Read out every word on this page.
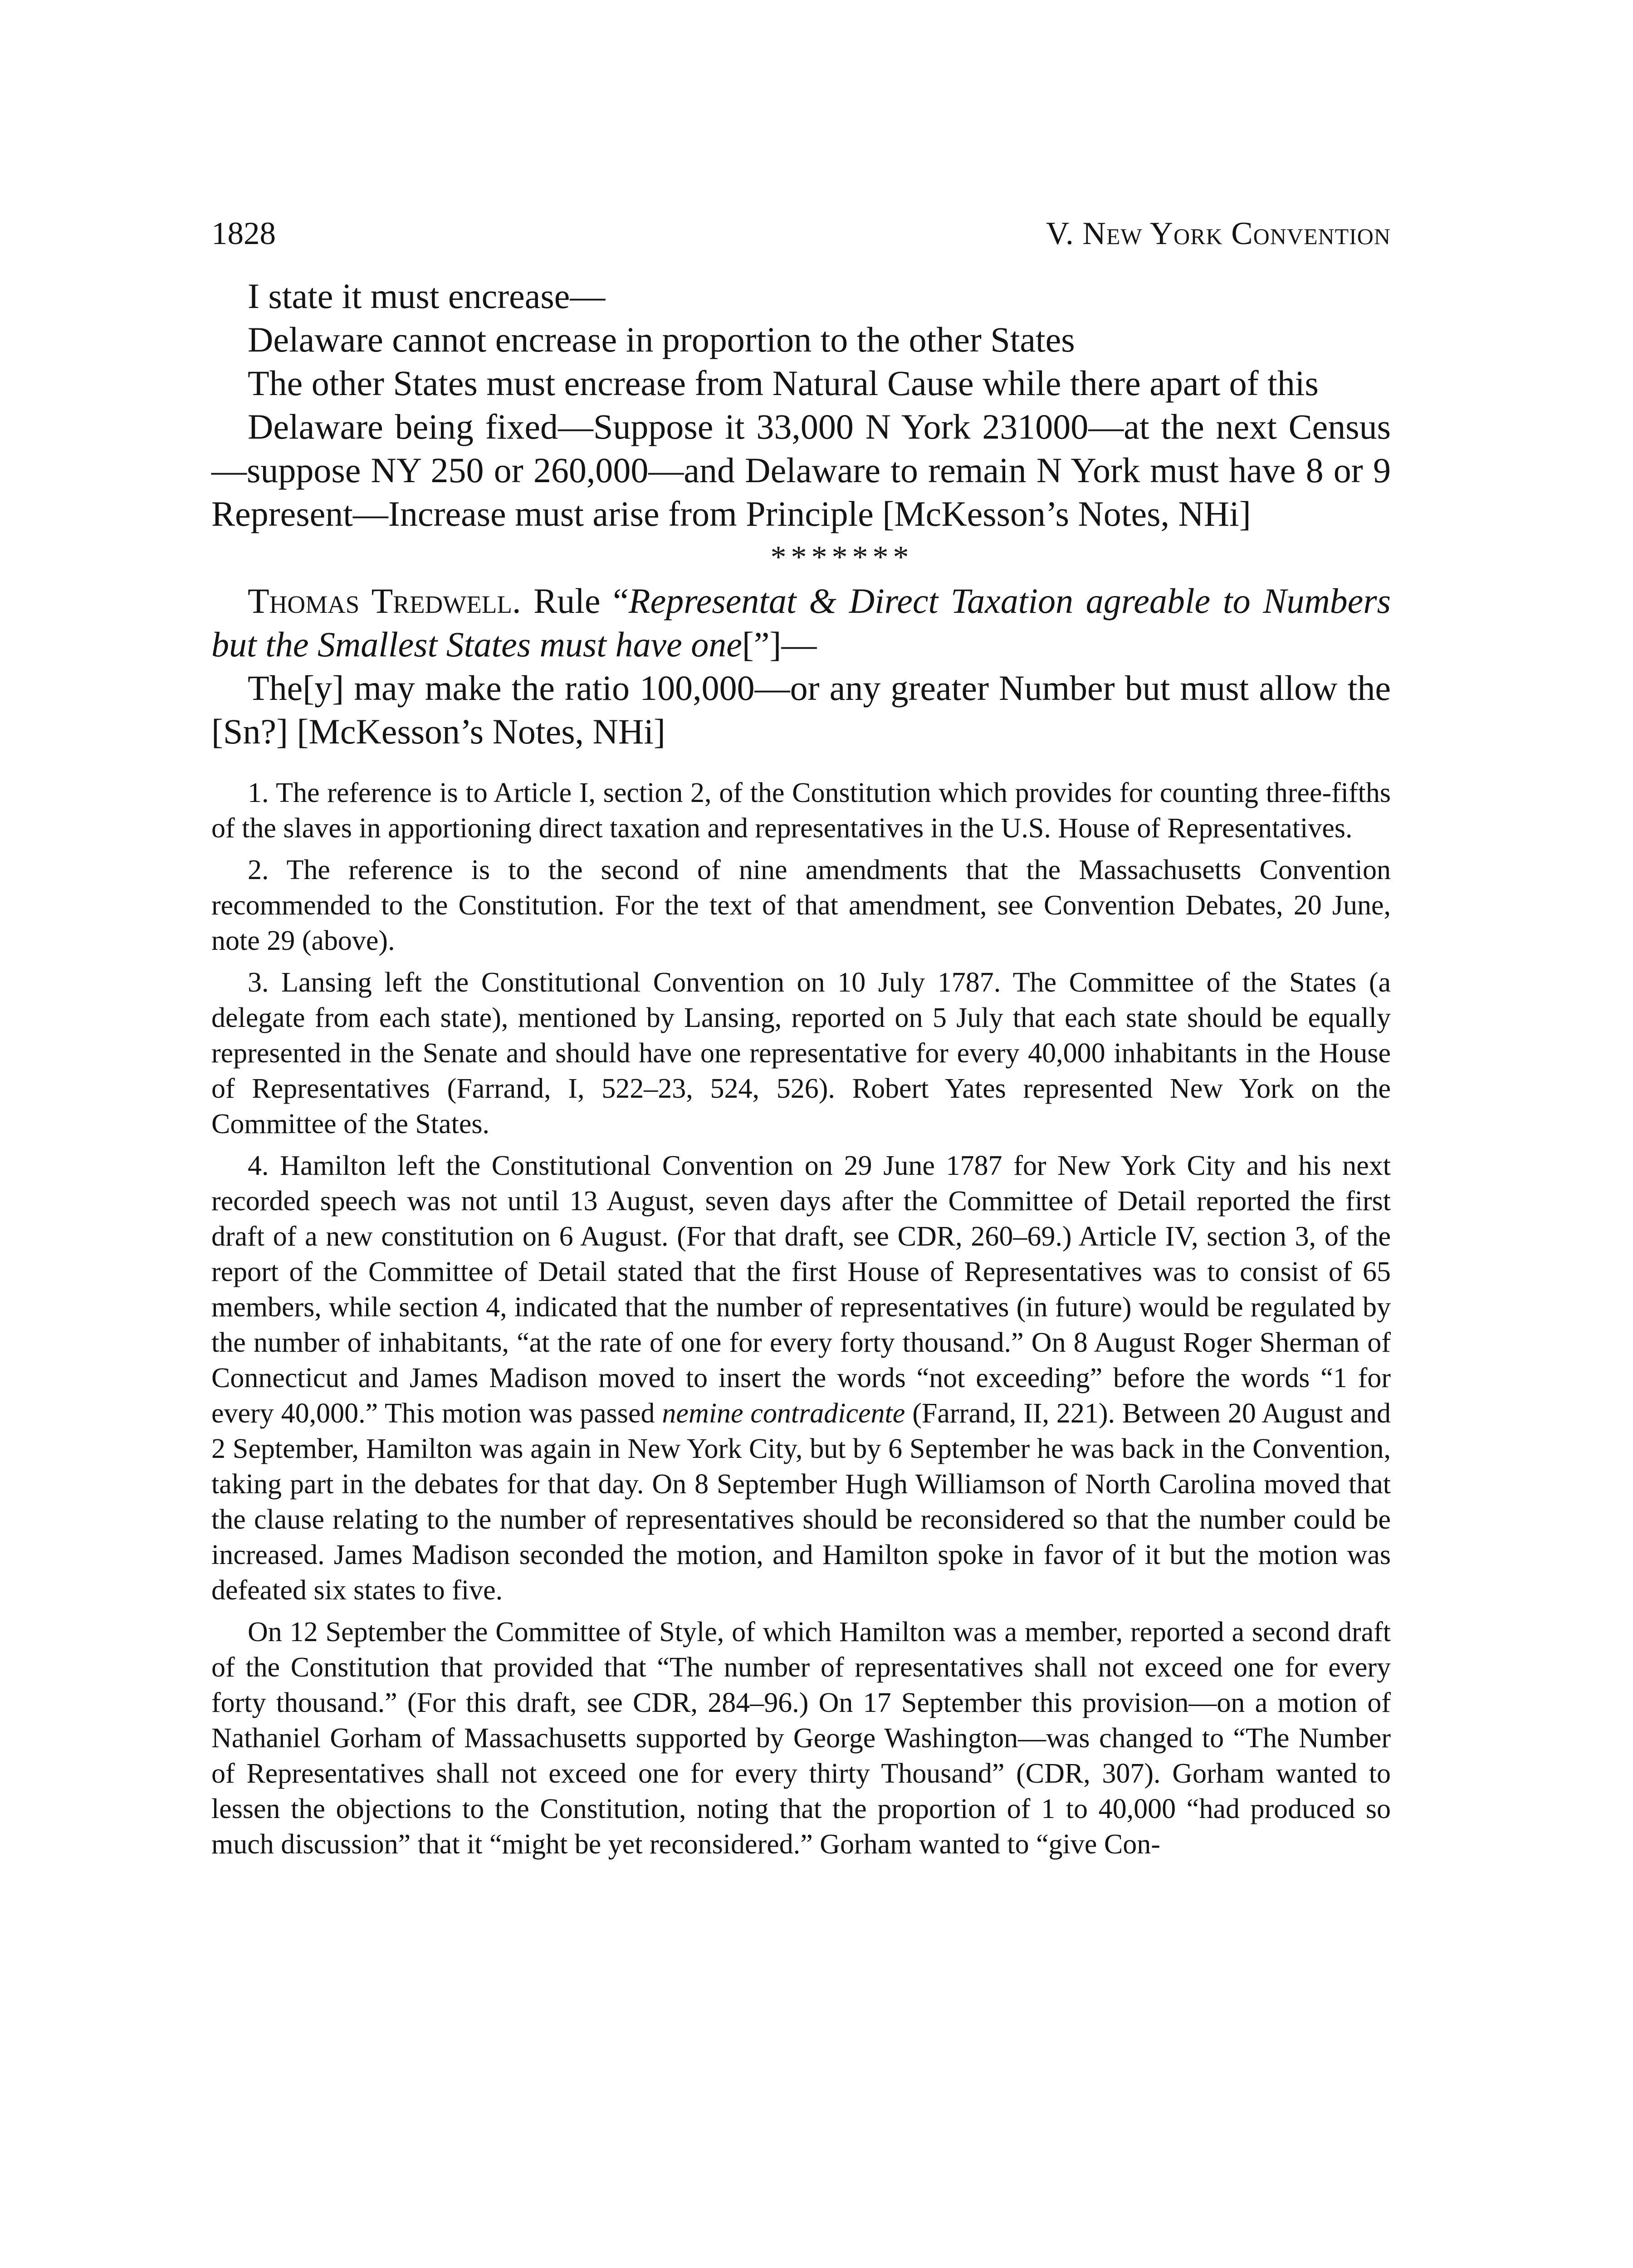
1828	V. New York Convention

I state it must encrease—

Delaware cannot encrease in proportion to the other States

The other States must encrease from Natural Cause while there apart of this

Delaware being fixed—Suppose it 33,000 N York 231000—at the next Census—suppose NY 250 or 260,000—and Delaware to remain N York must have 8 or 9 Represent—Increase must arise from Principle [McKesson’s Notes, NHi]

*******

Thomas Tredwell. Rule “Representat & Direct Taxation agreable to Numbers but the Smallest States must have one[”]—

The[y] may make the ratio 100,000—or any greater Number but must allow the [Sn?] [McKesson’s Notes, NHi]

1. The reference is to Article I, section 2, of the Constitution which provides for counting three-fifths of the slaves in apportioning direct taxation and representatives in the U.S. House of Representatives.

2. The reference is to the second of nine amendments that the Massachusetts Convention recommended to the Constitution. For the text of that amendment, see Convention Debates, 20 June, note 29 (above).

3. Lansing left the Constitutional Convention on 10 July 1787. The Committee of the States (a delegate from each state), mentioned by Lansing, reported on 5 July that each state should be equally represented in the Senate and should have one representative for every 40,000 inhabitants in the House of Representatives (Farrand, I, 522–23, 524, 526). Robert Yates represented New York on the Committee of the States.

4. Hamilton left the Constitutional Convention on 29 June 1787 for New York City and his next recorded speech was not until 13 August, seven days after the Committee of Detail reported the first draft of a new constitution on 6 August. (For that draft, see CDR, 260–69.) Article IV, section 3, of the report of the Committee of Detail stated that the first House of Representatives was to consist of 65 members, while section 4, indicated that the number of representatives (in future) would be regulated by the number of inhabitants, “at the rate of one for every forty thousand.” On 8 August Roger Sherman of Connecticut and James Madison moved to insert the words “not exceeding” before the words “1 for every 40,000.” This motion was passed nemine contradicente (Farrand, II, 221). Between 20 August and 2 September, Hamilton was again in New York City, but by 6 September he was back in the Convention, taking part in the debates for that day. On 8 September Hugh Williamson of North Carolina moved that the clause relating to the number of representatives should be reconsidered so that the number could be increased. James Madison seconded the motion, and Hamilton spoke in favor of it but the motion was defeated six states to five.

On 12 September the Committee of Style, of which Hamilton was a member, reported a second draft of the Constitution that provided that “The number of representatives shall not exceed one for every forty thousand.” (For this draft, see CDR, 284–96.) On 17 September this provision—on a motion of Nathaniel Gorham of Massachusetts supported by George Washington—was changed to “The Number of Representatives shall not exceed one for every thirty Thousand” (CDR, 307). Gorham wanted to lessen the objections to the Constitution, noting that the proportion of 1 to 40,000 “had produced so much discussion” that it “might be yet reconsidered.” Gorham wanted to “give Con-
